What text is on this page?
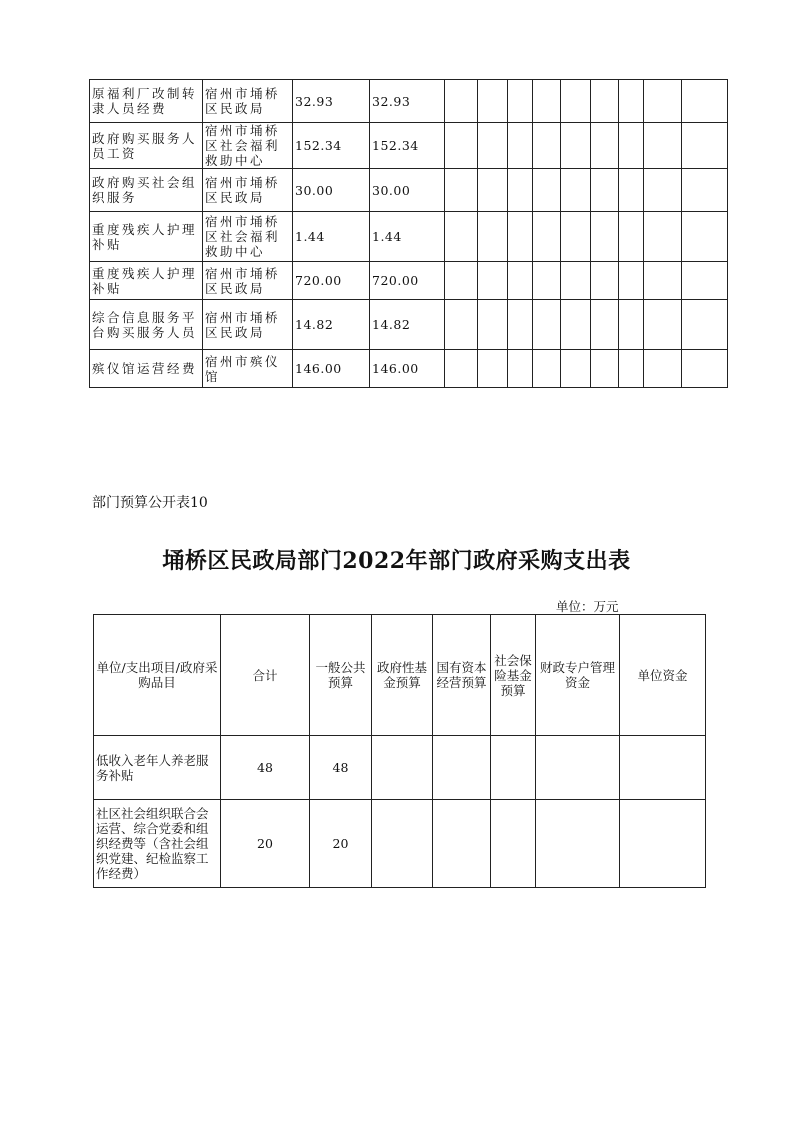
原福利厂改制转隶人员经费	宿州市埇桥区民政局	32.93	32.93									
政府购买服务人员工资	宿州市埇桥区社会福利救助中心	152.34	152.34									
政府购买社会组织服务	宿州市埇桥区民政局	30.00	30.00									
重度残疾人护理补贴	宿州市埇桥区社会福利救助中心	1.44	1.44									
重度残疾人护理补贴	宿州市埇桥区民政局	720.00	720.00									
综合信息服务平台购买服务人员	宿州市埇桥区民政局	14.82	14.82									
殡仪馆运营经费	宿州市殡仪馆	146.00	146.00									
部门预算公开表10
埇桥区民政局部门2022年部门政府采购支出表
单位：万元
单位/支出项目/政府采购品目	合计	一般公共预算	政府性基金预算	国有资本经营预算	社会保险基金预算	财政专户管理资金	单位资金
低收入老年人养老服务补贴	48	48					
社区社会组织联合会运营、综合党委和组织经费等（含社会组织党建、纪检监察工作经费）	20	20					
